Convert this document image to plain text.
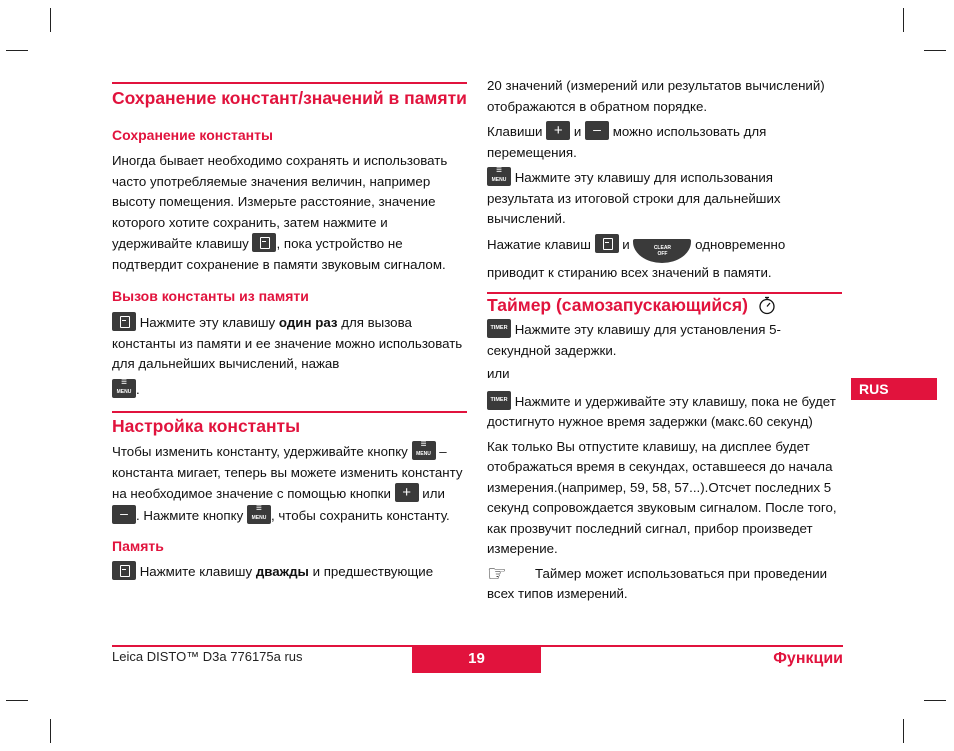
Сохранение констант/значений в памяти
Сохранение константы

Иногда бывает необходимо сохранять и использовать часто употребляемые значения величин, например высоту помещения. Измерьте расстояние, значение которого хотите сохранить, затем нажмите и удерживайте клавишу , пока устройство не подтвердит сохранение в памяти звуковым сигналом.

Вызов константы из памяти

Нажмите эту клавишу один раз для вызова константы из памяти и ее значение можно использовать для дальнейших вычислений, нажав
≡ MENU.

Настройка константы

Чтобы изменить константу, удерживайте кнопку ≡ MENU – константа мигает, теперь вы можете изменить константу на необходимое значение с помощью кнопки + или –. Нажмите кнопку ≡ MENU , чтобы сохранить константу.

Память

Нажмите клавишу дважды и предшествующие

20 значений (измерений или результатов вычислений) отображаются в обратном порядке.

Клавиши + и – можно использовать для перемещения.

≡ MENU Нажмите эту клавишу для использования результата из итоговой строки для дальнейших вычислений.

Нажатие клавиш и	CLEAR
OFF одновременно приводит к стиранию всех значений в памяти.

Таймер (самозапускающийся)

TIMER Нажмите эту клавишу для установления 5-секундной задержки.

или

TIMER Нажмите и удерживайте эту клавишу, пока не будет достигнуто нужное время задержки (макс.60 секунд)

Как только Вы отпустите клавишу, на дисплее будет отображаться время в секундах, оставшееся до начала измерения.(например, 59, 58, 57...).Отсчет последних 5 секунд сопровождается звуковым сигналом. После того, как прозвучит последний сигнал, прибор произведет измерение.

☞ Таймер может использоваться при проведении всех типов измерений.

RUS
Leica DISTO™ D3a 776175a rus	19	Функции
